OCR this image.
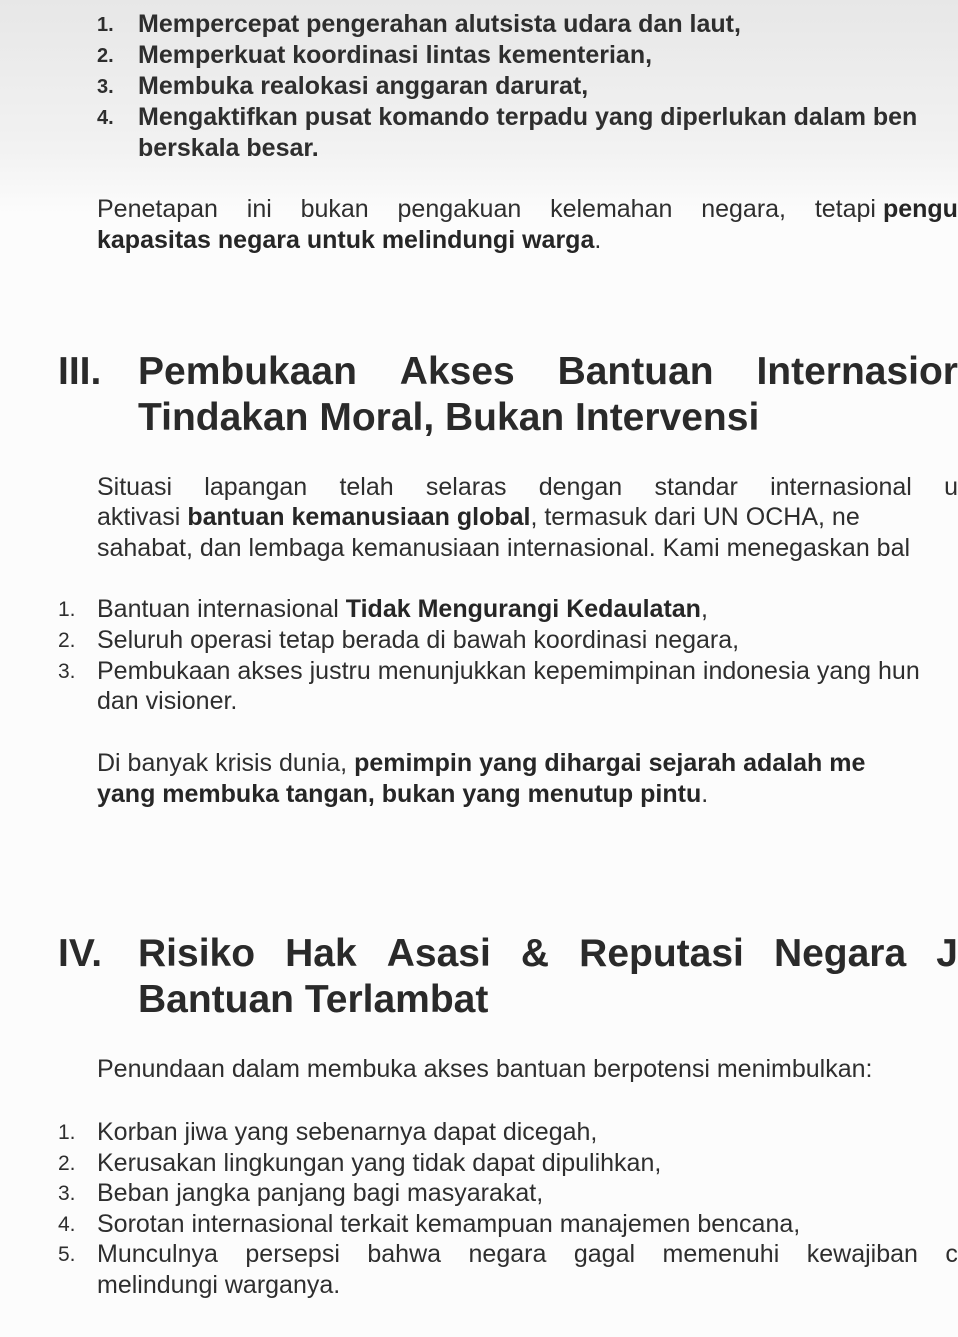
1. Mempercepat pengerahan alutsista udara dan laut,
2. Memperkuat koordinasi lintas kementerian,
3. Membuka realokasi anggaran darurat,
4. Mengaktifkan pusat komando terpadu yang diperlukan dalam ben
berskala besar.
Penetapan ini bukan pengakuan kelemahan negara, tetapi pengu
kapasitas negara untuk melindungi warga.
III. Pembukaan Akses Bantuan Internasior
Tindakan Moral, Bukan Intervensi
Situasi lapangan telah selaras dengan standar internasional u
aktivasi bantuan kemanusiaan global, termasuk dari UN OCHA, ne
sahabat, dan lembaga kemanusiaan internasional. Kami menegaskan bal
1. Bantuan internasional Tidak Mengurangi Kedaulatan,
2. Seluruh operasi tetap berada di bawah koordinasi negara,
3. Pembukaan akses justru menunjukkan kepemimpinan indonesia yang hun
dan visioner.
Di banyak krisis dunia, pemimpin yang dihargai sejarah adalah me
yang membuka tangan, bukan yang menutup pintu.
IV. Risiko Hak Asasi & Reputasi Negara J
Bantuan Terlambat
Penundaan dalam membuka akses bantuan berpotensi menimbulkan:
1. Korban jiwa yang sebenarnya dapat dicegah,
2. Kerusakan lingkungan yang tidak dapat dipulihkan,
3. Beban jangka panjang bagi masyarakat,
4. Sorotan internasional terkait kemampuan manajemen bencana,
5. Munculnya persepsi bahwa negara gagal memenuhi kewajiban c
melindungi warganya.
